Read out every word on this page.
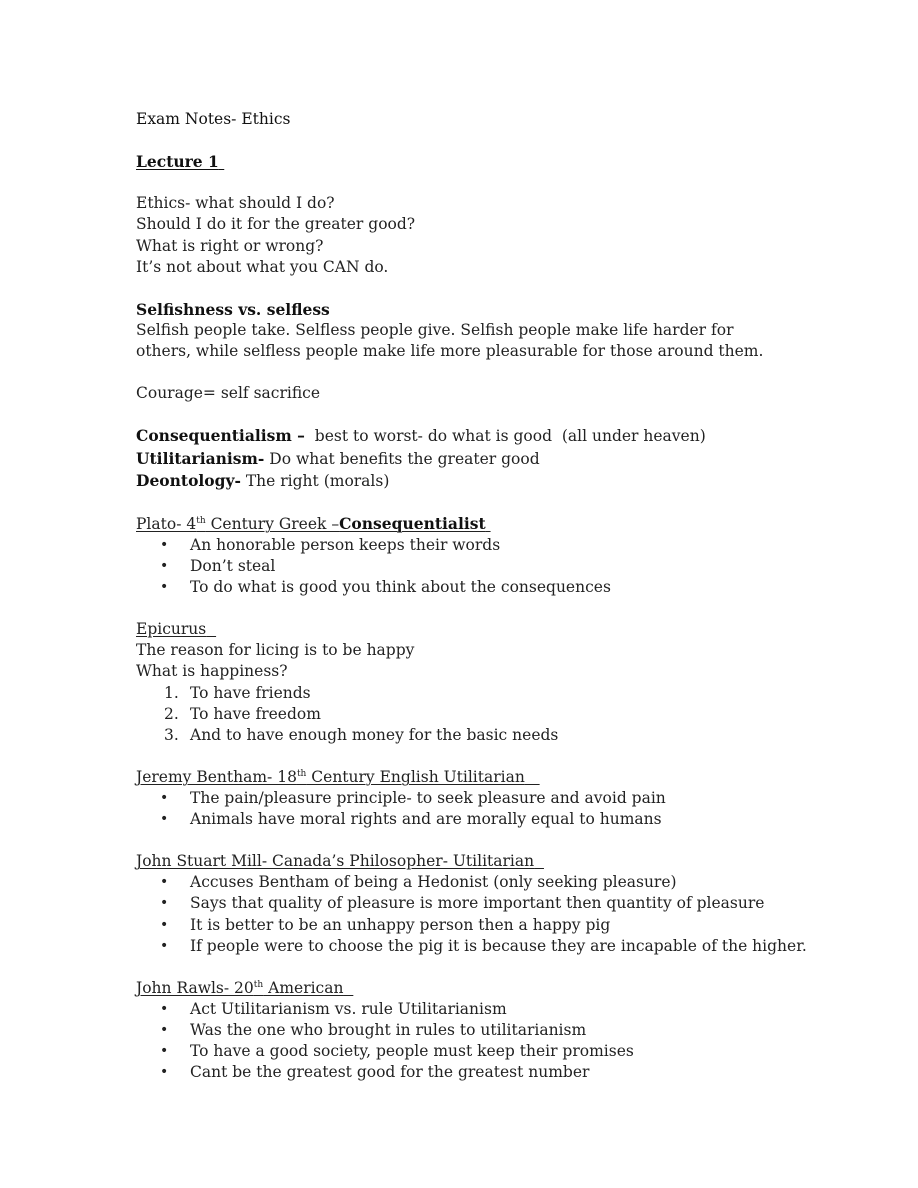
Exam Notes- Ethics
Lecture 1
Ethics- what should I do?
Should I do it for the greater good?
What is right or wrong?
It’s not about what you CAN do.
Selfishness vs. selfless
Selfish people take. Selfless people give. Selfish people make life harder for others, while selfless people make life more pleasurable for those around them.
Courage= self sacrifice
Consequentialism –  best to worst- do what is good  (all under heaven)
Utilitarianism- Do what benefits the greater good
Deontology- The right (morals)
Plato- 4th Century Greek –Consequentialist
• An honorable person keeps their words
• Don’t steal
• To do what is good you think about the consequences
Epicurus
The reason for licing is to be happy
What is happiness?
1. To have friends
2. To have freedom
3. And to have enough money for the basic needs
Jeremy Bentham- 18th Century English Utilitarian
• The pain/pleasure principle- to seek pleasure and avoid pain
• Animals have moral rights and are morally equal to humans
John Stuart Mill- Canada’s Philosopher- Utilitarian
• Accuses Bentham of being a Hedonist (only seeking pleasure)
• Says that quality of pleasure is more important then quantity of pleasure
• It is better to be an unhappy person then a happy pig
• If people were to choose the pig it is because they are incapable of the higher.
John Rawls- 20th American
• Act Utilitarianism vs. rule Utilitarianism
• Was the one who brought in rules to utilitarianism
• To have a good society, people must keep their promises
• Cant be the greatest good for the greatest number
